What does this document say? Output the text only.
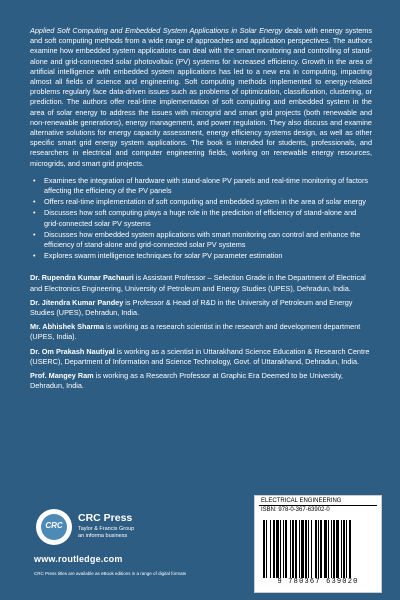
Applied Soft Computing and Embedded System Applications in Solar Energy deals with energy systems and soft computing methods from a wide range of approaches and application perspectives. The authors examine how embedded system applications can deal with the smart monitoring and controlling of stand-alone and grid-connected solar photovoltaic (PV) systems for increased efficiency. Growth in the area of artificial intelligence with embedded system applications has led to a new era in computing, impacting almost all fields of science and engineering. Soft computing methods implemented to energy-related problems regularly face data-driven issues such as problems of optimization, classification, clustering, or prediction. The authors offer real-time implementation of soft computing and embedded system in the area of solar energy to address the issues with microgrid and smart grid projects (both renewable and non-renewable generations), energy management, and power regulation. They also discuss and examine alternative solutions for energy capacity assessment, energy efficiency systems design, as well as other specific smart grid energy system applications. The book is intended for students, professionals, and researchers in electrical and computer engineering fields, working on renewable energy resources, microgrids, and smart grid projects.

• Examines the integration of hardware with stand-alone PV panels and real-time monitoring of factors affecting the efficiency of the PV panels
• Offers real-time implementation of soft computing and embedded system in the area of solar energy
• Discusses how soft computing plays a huge role in the prediction of efficiency of stand-alone and grid-connected solar PV systems
• Discusses how embedded system applications with smart monitoring can control and enhance the efficiency of stand-alone and grid-connected solar PV systems
• Explores swarm intelligence techniques for solar PV parameter estimation

Dr. Rupendra Kumar Pachauri is Assistant Professor – Selection Grade in the Department of Electrical and Electronics Engineering, University of Petroleum and Energy Studies (UPES), Dehradun, India.

Dr. Jitendra Kumar Pandey is Professor & Head of R&D in the University of Petroleum and Energy Studies (UPES), Dehradun, India.

Mr. Abhishek Sharma is working as a research scientist in the research and development department (UPES, India).

Dr. Om Prakash Nautiyal is working as a scientist in Uttarakhand Science Education & Research Centre (USERC), Department of Information and Science Technology, Govt. of Uttarakhand, Dehradun, India.

Prof. Mangey Ram is working as a Research Professor at Graphic Era Deemed to be University, Dehradun, India.

CRC
CRC Press
Taylor & Francis Group
an informa business
www.routledge.com
CRC Press titles are available as eBook editions in a range of digital formats
ELECTRICAL ENGINEERING
ISBN: 978-0-367-63902-0
9 780367 639020
